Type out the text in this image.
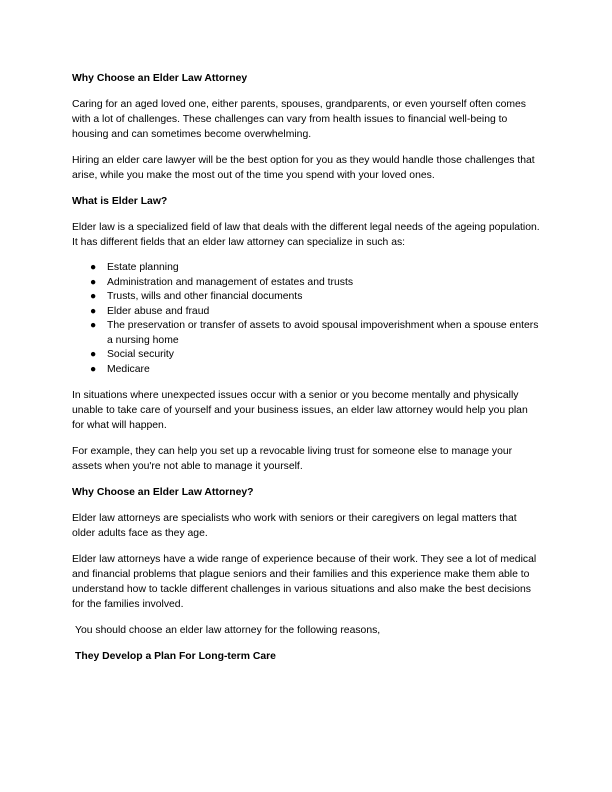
Why Choose an Elder Law Attorney

Caring for an aged loved one, either parents, spouses, grandparents, or even yourself often comes with a lot of challenges. These challenges can vary from health issues to financial well-being to housing and can sometimes become overwhelming.

Hiring an elder care lawyer will be the best option for you as they would handle those challenges that arise, while you make the most out of the time you spend with your loved ones.

What is Elder Law?

Elder law is a specialized field of law that deals with the different legal needs of the ageing population. It has different fields that an elder law attorney can specialize in such as:

● Estate planning
● Administration and management of estates and trusts
● Trusts, wills and other financial documents
● Elder abuse and fraud
● The preservation or transfer of assets to avoid spousal impoverishment when a spouse enters a nursing home
● Social security
● Medicare

In situations where unexpected issues occur with a senior or you become mentally and physically unable to take care of yourself and your business issues, an elder law attorney would help you plan for what will happen.

For example, they can help you set up a revocable living trust for someone else to manage your assets when you're not able to manage it yourself.

Why Choose an Elder Law Attorney?

Elder law attorneys are specialists who work with seniors or their caregivers on legal matters that older adults face as they age.

Elder law attorneys have a wide range of experience because of their work. They see a lot of medical and financial problems that plague seniors and their families and this experience make them able to understand how to tackle different challenges in various situations and also make the best decisions for the families involved.

You should choose an elder law attorney for the following reasons,

They Develop a Plan For Long-term Care
